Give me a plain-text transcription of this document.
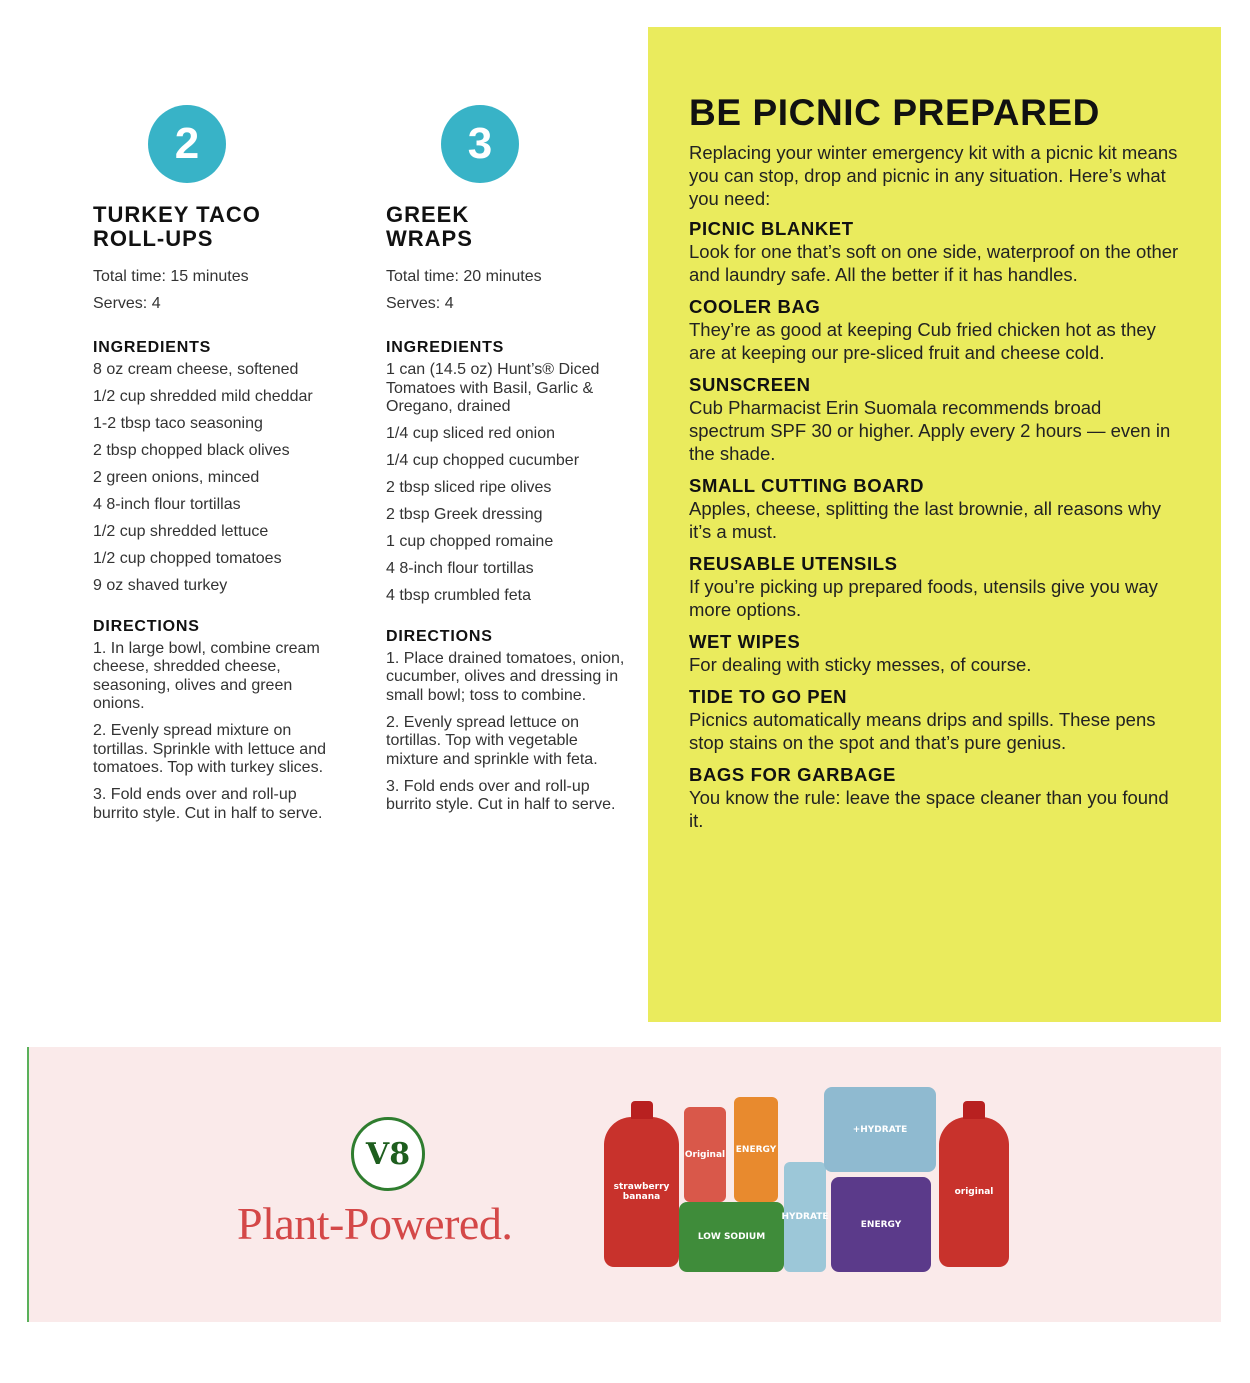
2
TURKEY TACO
ROLL-UPS
Total time: 15 minutes
Serves: 4
INGREDIENTS
8 oz cream cheese, softened
1/2 cup shredded mild cheddar
1-2 tbsp taco seasoning
2 tbsp chopped black olives
2 green onions, minced
4 8-inch flour tortillas
1/2 cup shredded lettuce
1/2 cup chopped tomatoes
9 oz shaved turkey
DIRECTIONS
1. In large bowl, combine cream cheese, shredded cheese, seasoning, olives and green onions.
2. Evenly spread mixture on tortillas. Sprinkle with lettuce and tomatoes. Top with turkey slices.
3. Fold ends over and roll-up burrito style. Cut in half to serve.
3
GREEK
WRAPS
Total time: 20 minutes
Serves: 4
INGREDIENTS
1 can (14.5 oz) Hunt’s® Diced Tomatoes with Basil, Garlic & Oregano, drained
1/4 cup sliced red onion
1/4 cup chopped cucumber
2 tbsp sliced ripe olives
2 tbsp Greek dressing
1 cup chopped romaine
4 8-inch flour tortillas
4 tbsp crumbled feta
DIRECTIONS
1. Place drained tomatoes, onion, cucumber, olives and dressing in small bowl; toss to combine.
2. Evenly spread lettuce on tortillas. Top with vegetable mixture and sprinkle with feta.
3. Fold ends over and roll-up burrito style. Cut in half to serve.
BE PICNIC PREPARED
Replacing your winter emergency kit with a picnic kit means you can stop, drop and picnic in any situation. Here’s what you need:
PICNIC BLANKET
Look for one that’s soft on one side, waterproof on the other and laundry safe. All the better if it has handles.
COOLER BAG
They’re as good at keeping Cub fried chicken hot as they are at keeping our pre-sliced fruit and cheese cold.
SUNSCREEN
Cub Pharmacist Erin Suomala recommends broad spectrum SPF 30 or higher. Apply every 2 hours — even in the shade.
SMALL CUTTING BOARD
Apples, cheese, splitting the last brownie, all reasons why it’s a must.
REUSABLE UTENSILS
If you’re picking up prepared foods, utensils give you way more options.
WET WIPES
For dealing with sticky messes, of course.
TIDE TO GO PEN
Picnics automatically means drips and spills. These pens stop stains on the spot and that’s pure genius.
BAGS FOR GARBAGE
You know the rule: leave the space cleaner than you found it.
V8
Plant-Powered.
strawberry banana
Original ENERGY
LOW SODIUM
HYDRATE
+HYDRATE
ENERGY
original
